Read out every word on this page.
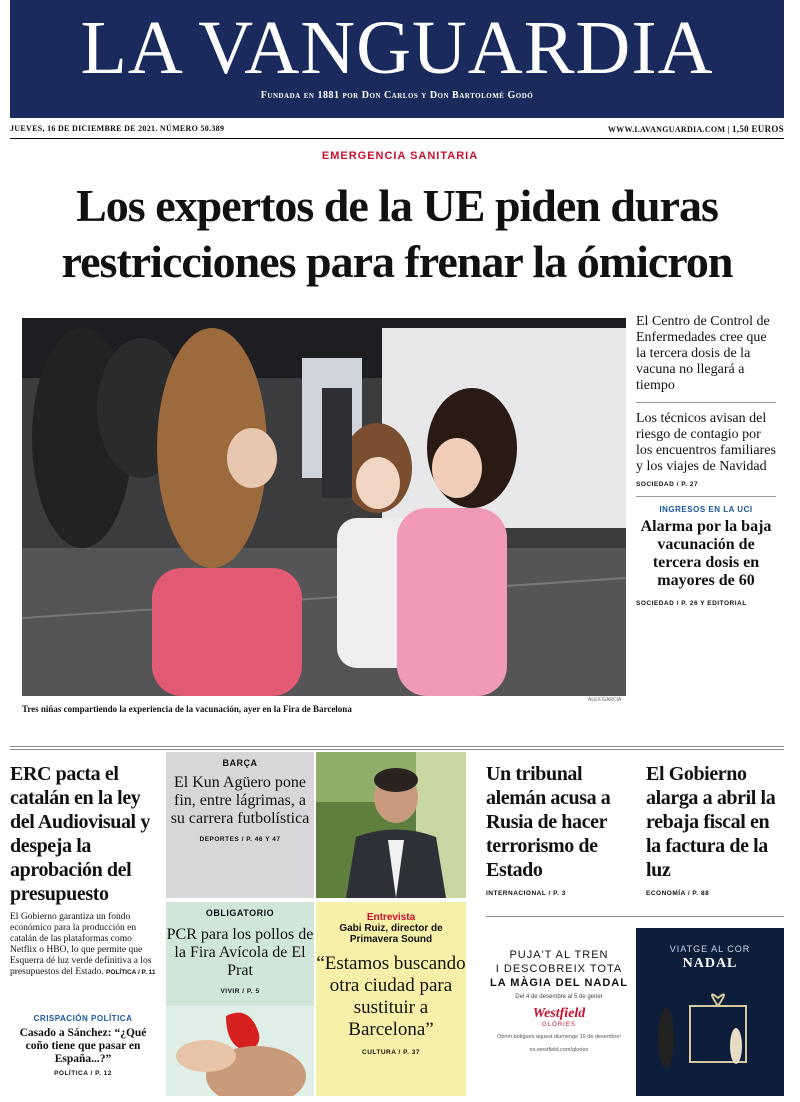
LA VANGUARDIA
Fundada en 1881 por Don Carlos y Don Bartolomé Godó
JUEVES, 16 DE DICIEMBRE DE 2021. NÚMERO 50.389	WWW.LAVANGUARDIA.COM | 1,50 EUROS
EMERGENCIA SANITARIA
Los expertos de la UE piden duras
restricciones para frenar la ómicron
ÀLEX GARCIA
Tres niñas compartiendo la experiencia de la vacunación, ayer en la Fira de Barcelona
El Centro de Control de Enfermedades cree que la tercera dosis de la vacuna no llegará a tiempo
Los técnicos avisan del riesgo de contagio por los encuentros familiares y los viajes de Navidad
SOCIEDAD / P. 27
INGRESOS EN LA UCI
Alarma por la baja vacunación de tercera dosis en mayores de 60
SOCIEDAD / P. 26 Y EDITORIAL
ERC pacta el catalán en la ley del Audiovisual y despeja la aprobación del presupuesto
El Gobierno garantiza un fondo económico para la producción en catalán de las plataformas como Netflix o HBO, lo que permite que Esquerra dé luz verde definitiva a los presupuestos del Estado. POLÍTICA / P. 11
CRISPACIÓN POLÍTICA
Casado a Sánchez: “¿Qué coño tiene que pasar en España...?”
POLÍTICA / P. 12
BARÇA
El Kun Agüero pone fin, entre lágrimas, a su carrera futbolística
DEPORTES / P. 46 Y 47
OBLIGATORIO
PCR para los pollos de la Fira Avícola de El Prat
VIVIR / P. 5
Entrevista
Gabi Ruiz, director de Primavera Sound
“Estamos buscando otra ciudad para sustituir a Barcelona”
CULTURA / P. 37
Un tribunal alemán acusa a Rusia de hacer terrorismo de Estado
INTERNACIONAL / P. 3
El Gobierno alarga a abril la rebaja fiscal en la factura de la luz
ECONOMÍA / P. 88
PUJA'T AL TREN
I DESCOBREIX TOTA
LA MÀGIA DEL NADAL
Del 4 de desembre al 5 de gener
Westfield
GLÒRIES
Obrim botigues aquest diumenge 19 de desembre!
es.westfield.com/glories
VIATGE AL COR
NADAL
